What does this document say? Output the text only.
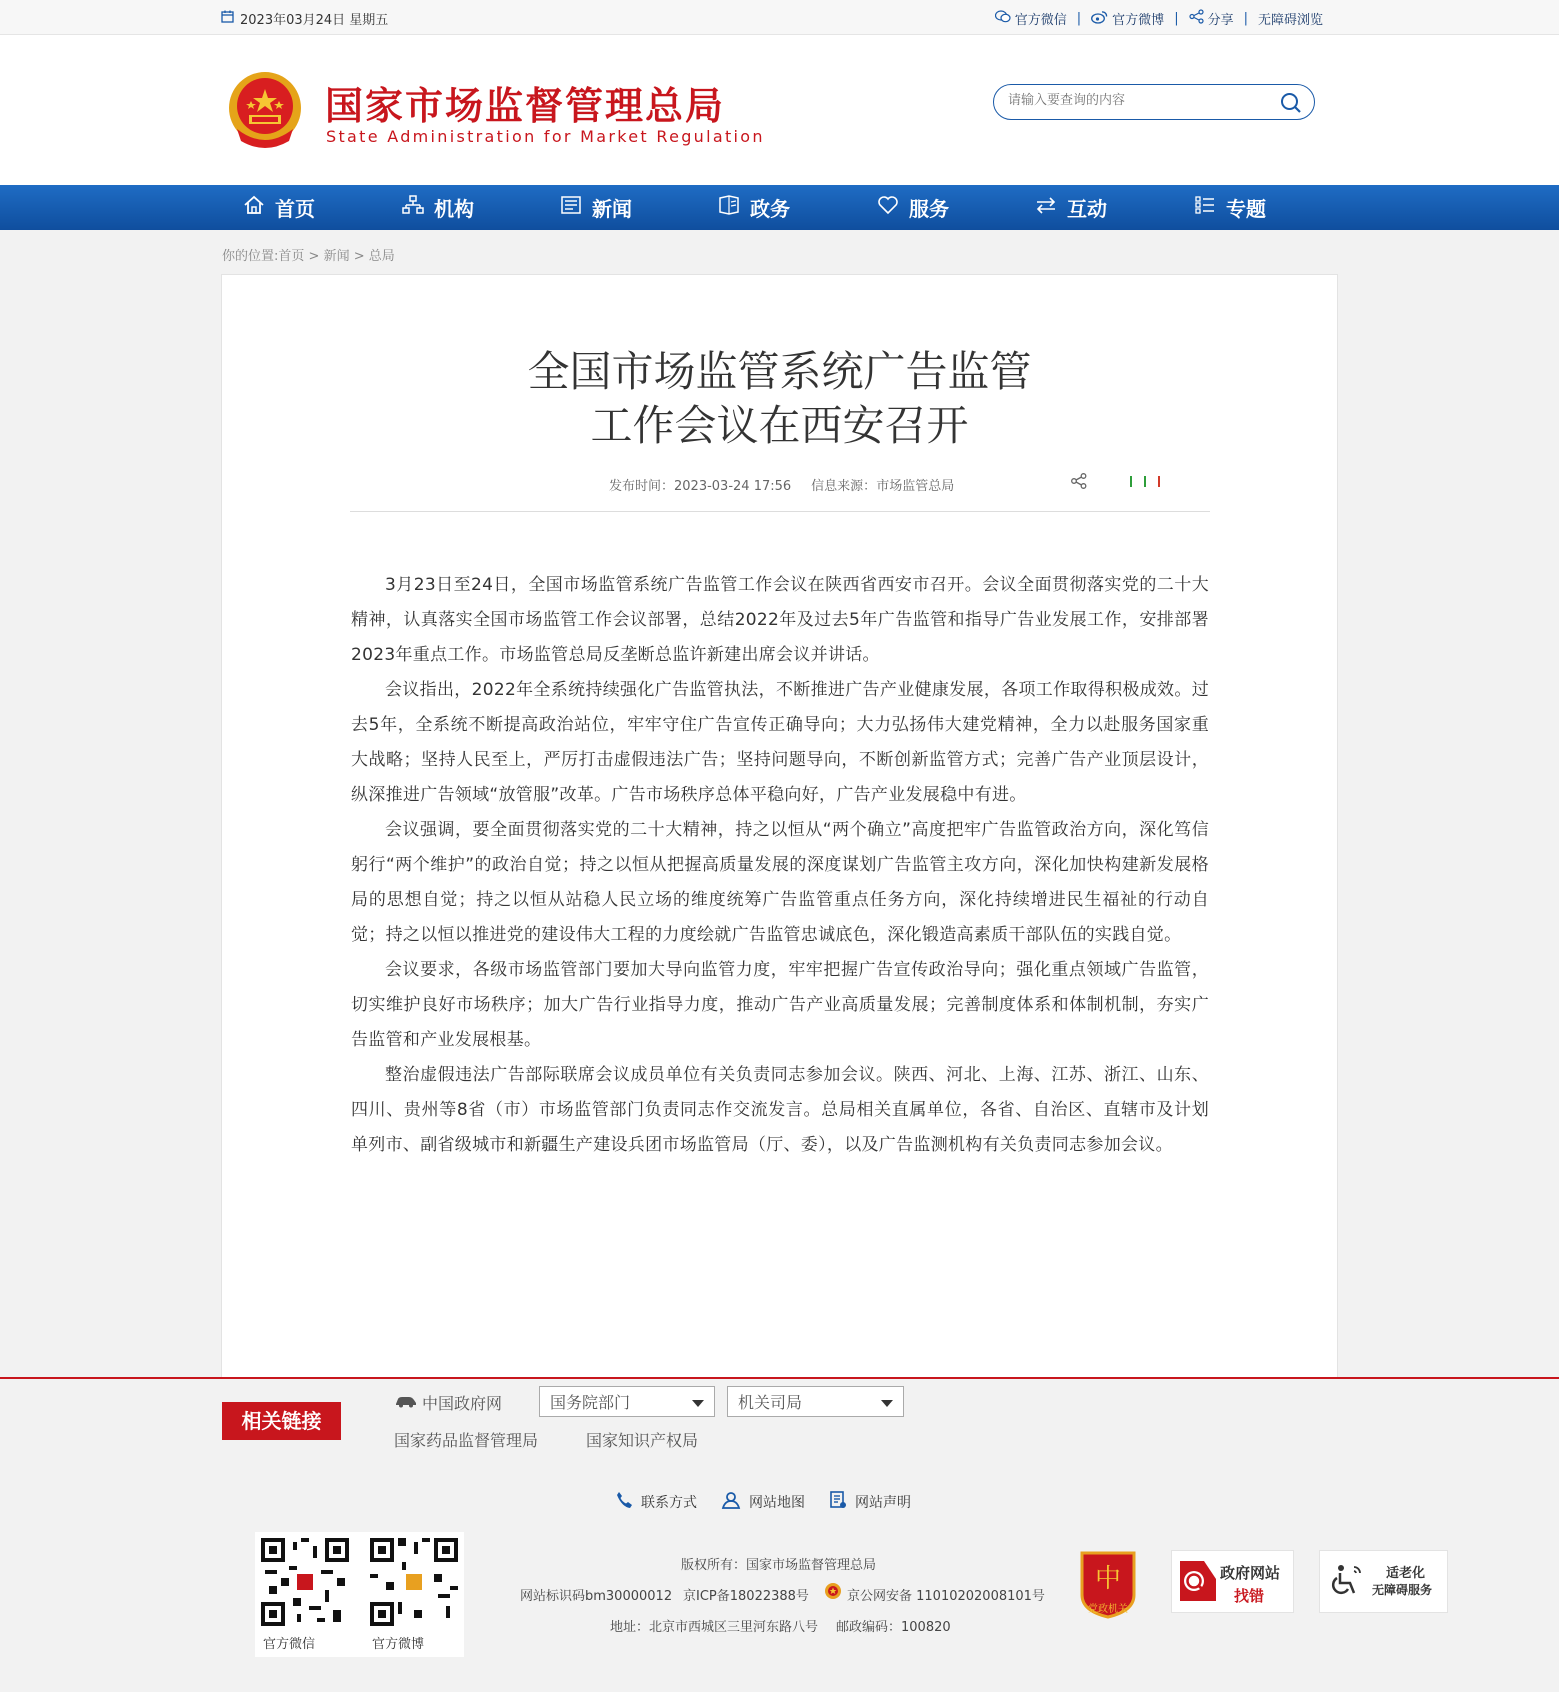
2023年03月24日 星期五	官方微信 | 官方微博 | 分享 | 无障碍浏览
国家市场监督管理总局
State Administration for Market Regulation
请输入要查询的内容
首页	机构	新闻	政务	服务	互动	专题
你的位置:首页 > 新闻 > 总局
全国市场监管系统广告监管
工作会议在西安召开
发布时间：2023-03-24 17:56 信息来源：市场监管总局

3月23日至24日，全国市场监管系统广告监管工作会议在陕西省西安市召开。会议全面贯彻落实党的二十大精神，认真落实全国市场监管工作会议部署，总结2022年及过去5年广告监管和指导广告业发展工作，安排部署2023年重点工作。市场监管总局反垄断总监许新建出席会议并讲话。

会议指出，2022年全系统持续强化广告监管执法，不断推进广告产业健康发展，各项工作取得积极成效。过去5年，全系统不断提高政治站位，牢牢守住广告宣传正确导向；大力弘扬伟大建党精神，全力以赴服务国家重大战略；坚持人民至上，严厉打击虚假违法广告；坚持问题导向，不断创新监管方式；完善广告产业顶层设计，纵深推进广告领域“放管服”改革。广告市场秩序总体平稳向好，广告产业发展稳中有进。

会议强调，要全面贯彻落实党的二十大精神，持之以恒从“两个确立”高度把牢广告监管政治方向，深化笃信躬行“两个维护”的政治自觉；持之以恒从把握高质量发展的深度谋划广告监管主攻方向，深化加快构建新发展格局的思想自觉；持之以恒从站稳人民立场的维度统筹广告监管重点任务方向，深化持续增进民生福祉的行动自觉；持之以恒以推进党的建设伟大工程的力度绘就广告监管忠诚底色，深化锻造高素质干部队伍的实践自觉。

会议要求，各级市场监管部门要加大导向监管力度，牢牢把握广告宣传政治导向；强化重点领域广告监管，切实维护良好市场秩序；加大广告行业指导力度，推动广告产业高质量发展；完善制度体系和体制机制，夯实广告监管和产业发展根基。

整治虚假违法广告部际联席会议成员单位有关负责同志参加会议。陕西、河北、上海、江苏、浙江、山东、四川、贵州等8省（市）市场监管部门负责同志作交流发言。总局相关直属单位，各省、自治区、直辖市及计划单列市、副省级城市和新疆生产建设兵团市场监管局（厅、委），以及广告监测机构有关负责同志参加会议。

相关链接
中国政府网	国务院部门	机关司局
国家药品监督管理局	国家知识产权局
联系方式	网站地图	网站声明
官方微信	官方微博
版权所有：国家市场监督管理总局
网站标识码bm30000012 京ICP备18022388号	京公网安备 11010202008101号
地址：北京市西城区三里河东路八号 邮政编码：100820
中
党政机关
政府网站
找错
适老化
无障碍服务
